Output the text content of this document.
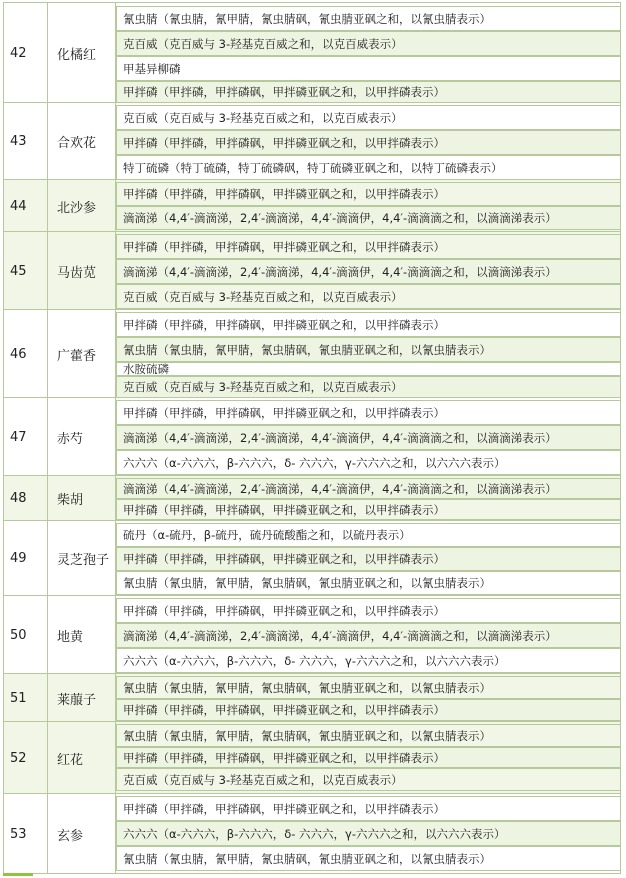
42	化橘红
氰虫腈（氰虫腈，氰甲腈，氰虫腈砜，氰虫腈亚砜之和，以氰虫腈表示）
克百威（克百威与 3-羟基克百威之和，以克百威表示）
甲基异柳磷
甲拌磷（甲拌磷，甲拌磷砜，甲拌磷亚砜之和，以甲拌磷表示）
43	合欢花
克百威（克百威与 3-羟基克百威之和，以克百威表示）
甲拌磷（甲拌磷，甲拌磷砜，甲拌磷亚砜之和，以甲拌磷表示）
特丁硫磷（特丁硫磷，特丁硫磷砜，特丁硫磷亚砜之和，以特丁硫磷表示）
44	北沙参
甲拌磷（甲拌磷，甲拌磷砜，甲拌磷亚砜之和，以甲拌磷表示）
滴滴涕（4,4′-滴滴涕，2,4′-滴滴涕，4,4′-滴滴伊，4,4′-滴滴滴之和，以滴滴涕表示）
45	马齿苋
甲拌磷（甲拌磷，甲拌磷砜，甲拌磷亚砜之和，以甲拌磷表示）
滴滴涕（4,4′-滴滴涕，2,4′-滴滴涕，4,4′-滴滴伊，4,4′-滴滴滴之和，以滴滴涕表示）
克百威（克百威与 3-羟基克百威之和，以克百威表示）
46	广藿香
甲拌磷（甲拌磷，甲拌磷砜，甲拌磷亚砜之和，以甲拌磷表示）
氰虫腈（氰虫腈，氰甲腈，氰虫腈砜，氰虫腈亚砜之和，以氰虫腈表示）
水胺硫磷
克百威（克百威与 3-羟基克百威之和，以克百威表示）
47	赤芍
甲拌磷（甲拌磷，甲拌磷砜，甲拌磷亚砜之和，以甲拌磷表示）
滴滴涕（4,4′-滴滴涕，2,4′-滴滴涕，4,4′-滴滴伊，4,4′-滴滴滴之和，以滴滴涕表示）
六六六（α-六六六，β-六六六，δ- 六六六，γ-六六六之和，以六六六表示）
48	柴胡
滴滴涕（4,4′-滴滴涕，2,4′-滴滴涕，4,4′-滴滴伊，4,4′-滴滴滴之和，以滴滴涕表示）
甲拌磷（甲拌磷，甲拌磷砜，甲拌磷亚砜之和，以甲拌磷表示）
49	灵芝孢子
硫丹（α-硫丹，β-硫丹，硫丹硫酸酯之和，以硫丹表示）
甲拌磷（甲拌磷，甲拌磷砜，甲拌磷亚砜之和，以甲拌磷表示）
氰虫腈（氰虫腈，氰甲腈，氰虫腈砜，氰虫腈亚砜之和，以氰虫腈表示）
50	地黄
甲拌磷（甲拌磷，甲拌磷砜，甲拌磷亚砜之和，以甲拌磷表示）
滴滴涕（4,4′-滴滴涕，2,4′-滴滴涕，4,4′-滴滴伊，4,4′-滴滴滴之和，以滴滴涕表示）
六六六（α-六六六，β-六六六，δ- 六六六，γ-六六六之和，以六六六表示）
51	莱菔子
氰虫腈（氰虫腈，氰甲腈，氰虫腈砜，氰虫腈亚砜之和，以氰虫腈表示）
甲拌磷（甲拌磷，甲拌磷砜，甲拌磷亚砜之和，以甲拌磷表示）
52	红花
氰虫腈（氰虫腈，氰甲腈，氰虫腈砜，氰虫腈亚砜之和，以氰虫腈表示）
甲拌磷（甲拌磷，甲拌磷砜，甲拌磷亚砜之和，以甲拌磷表示）
克百威（克百威与 3-羟基克百威之和，以克百威表示）
53	玄参
甲拌磷（甲拌磷，甲拌磷砜，甲拌磷亚砜之和，以甲拌磷表示）
六六六（α-六六六，β-六六六，δ- 六六六，γ-六六六之和，以六六六表示）
氰虫腈（氰虫腈，氰甲腈，氰虫腈砜，氰虫腈亚砜之和，以氰虫腈表示）
